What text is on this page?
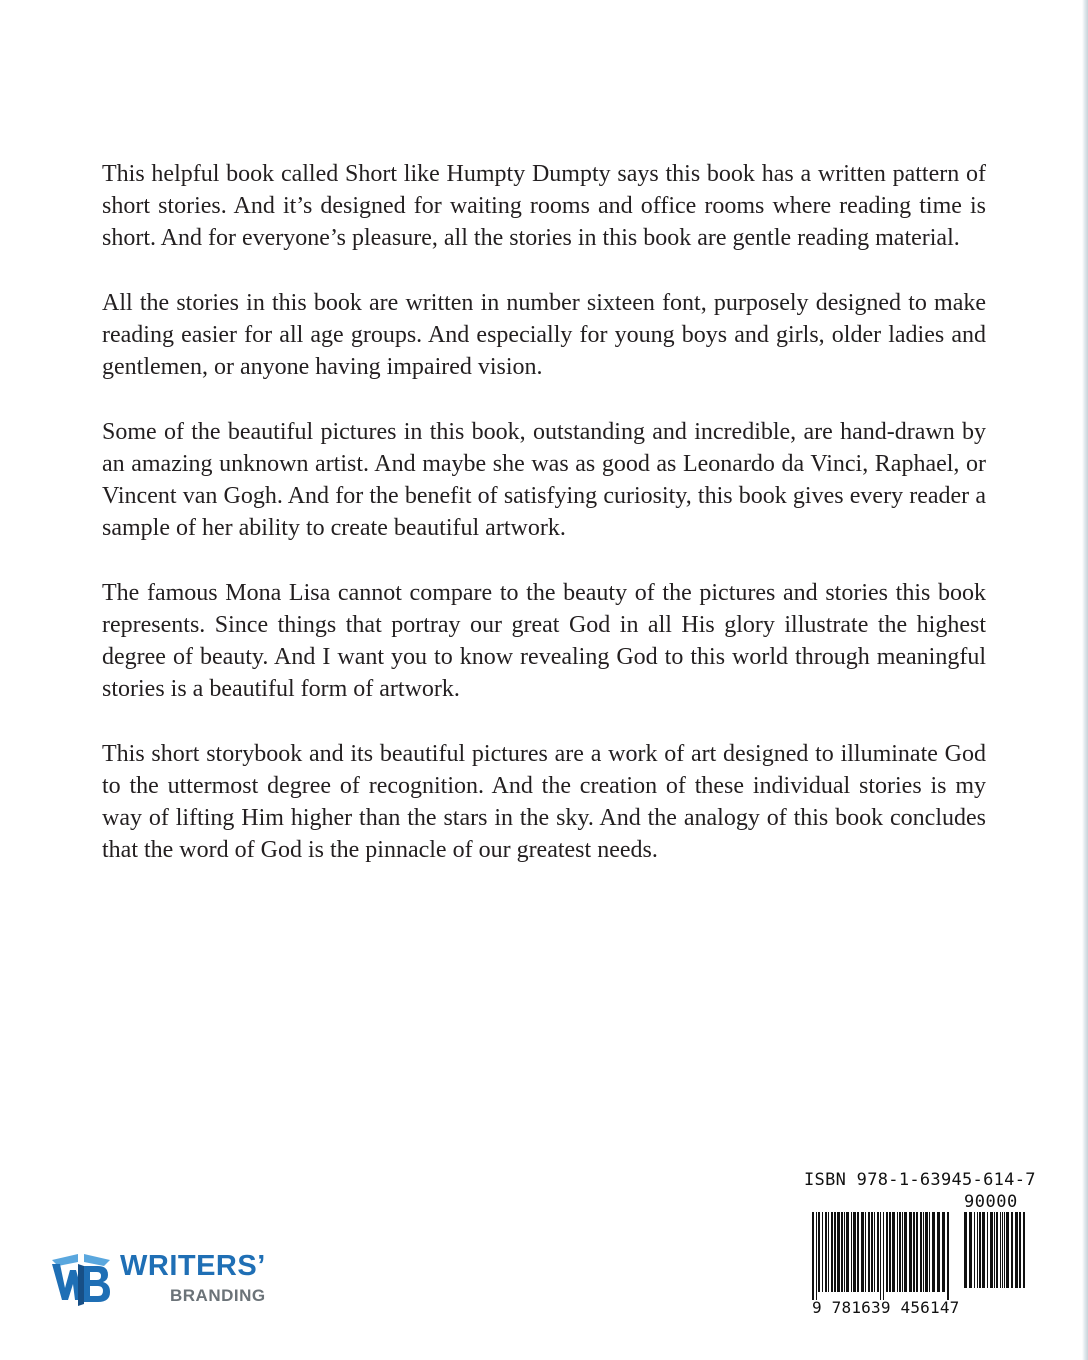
This helpful book called Short like Humpty Dumpty says this book has a written pattern of short stories. And it’s designed for waiting rooms and office rooms where reading time is short. And for everyone’s pleasure, all the stories in this book are gentle reading material.

All the stories in this book are written in number sixteen font, purposely designed to make reading easier for all age groups. And especially for young boys and girls, older ladies and gentlemen, or anyone having impaired vision.

Some of the beautiful pictures in this book, outstanding and incredible, are hand-drawn by an amazing unknown artist. And maybe she was as good as Leonardo da Vinci, Raphael, or Vincent van Gogh. And for the benefit of satisfying curiosity, this book gives every reader a sample of her ability to create beautiful artwork.

The famous Mona Lisa cannot compare to the beauty of the pictures and stories this book represents. Since things that portray our great God in all His glory illustrate the highest degree of beauty. And I want you to know revealing God to this world through meaningful stories is a beautiful form of artwork.

This short storybook and its beautiful pictures are a work of art designed to illuminate God to the uttermost degree of recognition. And the creation of these individual stories is my way of lifting Him higher than the stars in the sky. And the analogy of this book concludes that the word of God is the pinnacle of our greatest needs.

WRITERS’
BRANDING
ISBN 978-1-63945-614-7
90000
9 781639 456147
